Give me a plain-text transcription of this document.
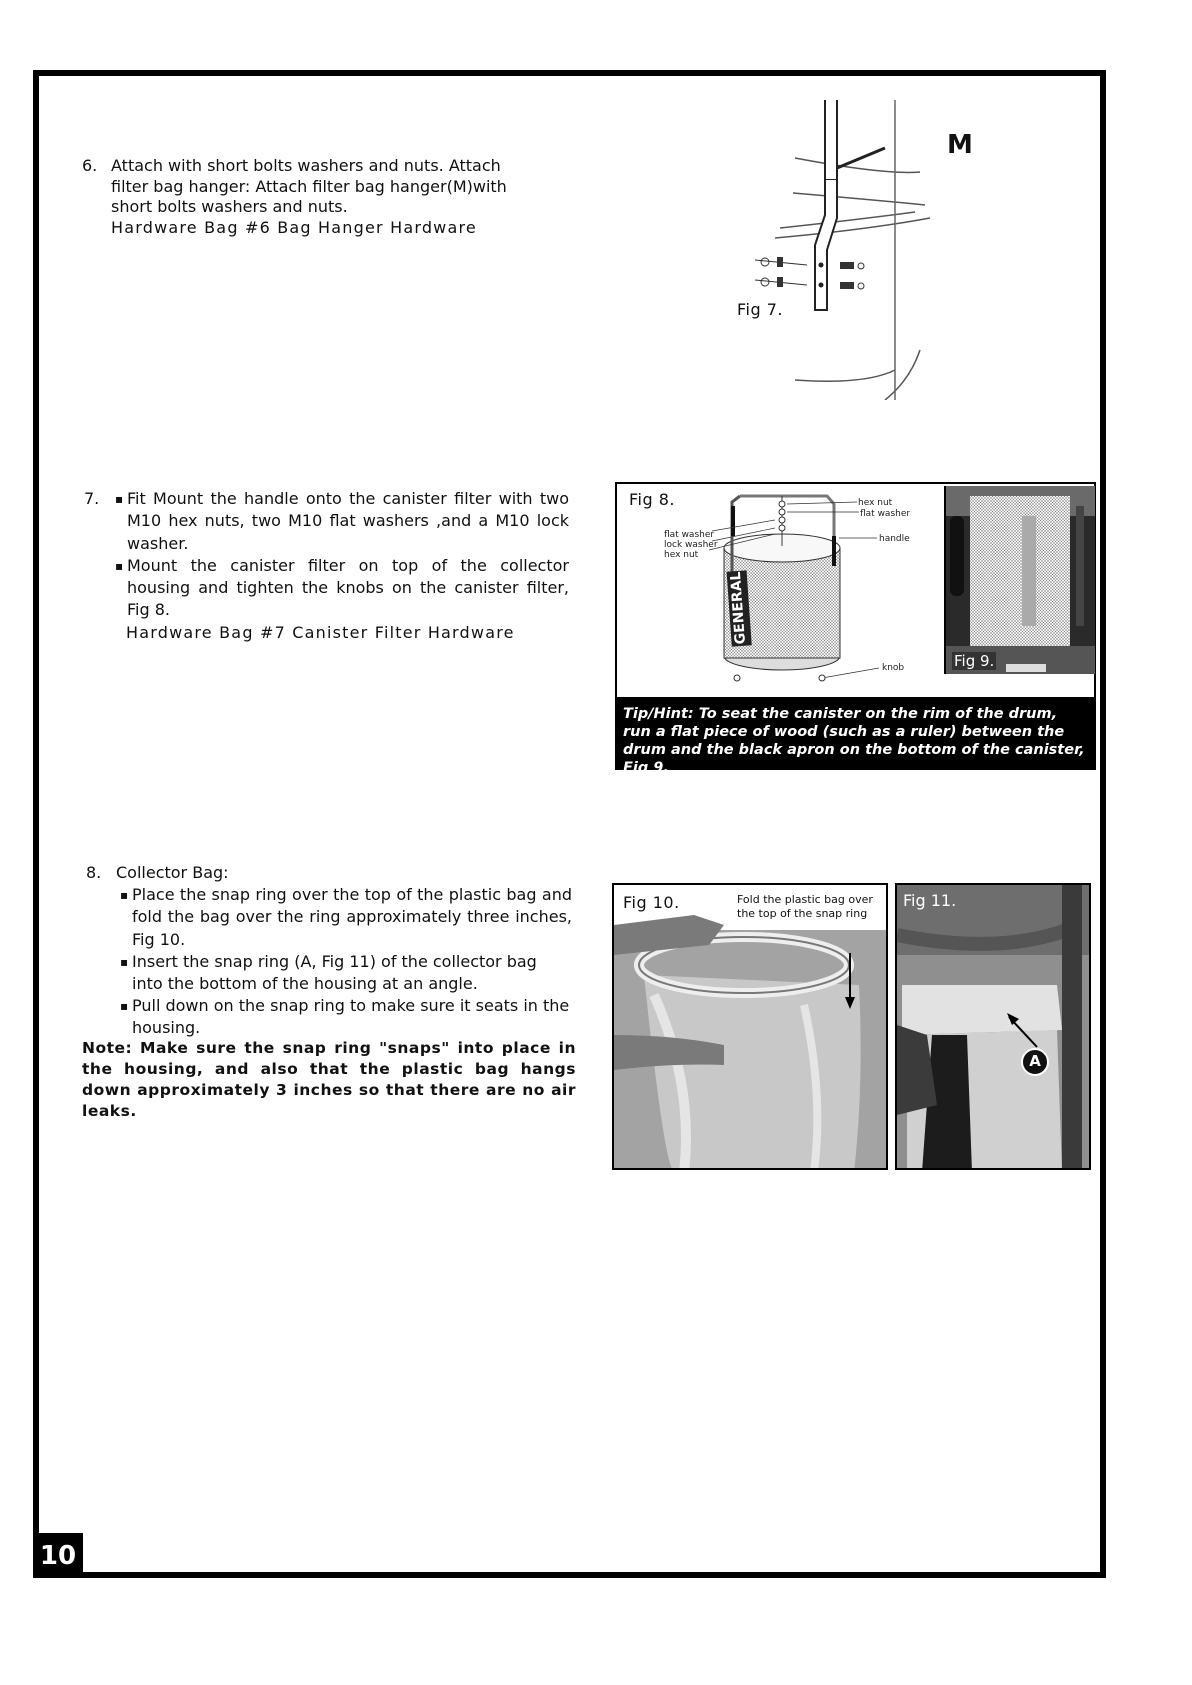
10
6. Attach with short bolts washers and nuts. Attach
filter bag hanger: Attach filter bag hanger(M)with
short bolts washers and nuts.
Hardware Bag #6 Bag Hanger Hardware
M
Fig 7.
7.
▪	Fit Mount the handle onto the canister filter with two M10 hex nuts, two M10 flat washers ,and a M10 lock washer.
▪ Mount the canister filter on top of the collector housing and tighten the knobs on the canister filter, Fig 8.
Hardware Bag #7 Canister Filter Hardware
Fig 8.
GENERAL
hex nut
flat washer
flat washer
lock washer
hex nut
handle
knob	Fig 9.
Tip/Hint: To seat the canister on the rim of the drum, run a flat piece of wood (such as a ruler) between the drum and the black apron on the bottom of the canister, Fig 9.
8. Collector Bag:
▪ Place the snap ring over the top of the plastic bag and fold the bag over the ring approximately three inches, Fig 10.
▪ Insert the snap ring (A, Fig 11) of the collector bag into the bottom of the housing at an angle.
▪ Pull down on the snap ring to make sure it seats in the housing.
Note: Make sure the snap ring "snaps" into place in the housing, and also that the plastic bag hangs down approximately 3 inches so that there are no air leaks.
Fig 10.	Fold the plastic bag over
the top of the snap ring
Fig 11.
A
